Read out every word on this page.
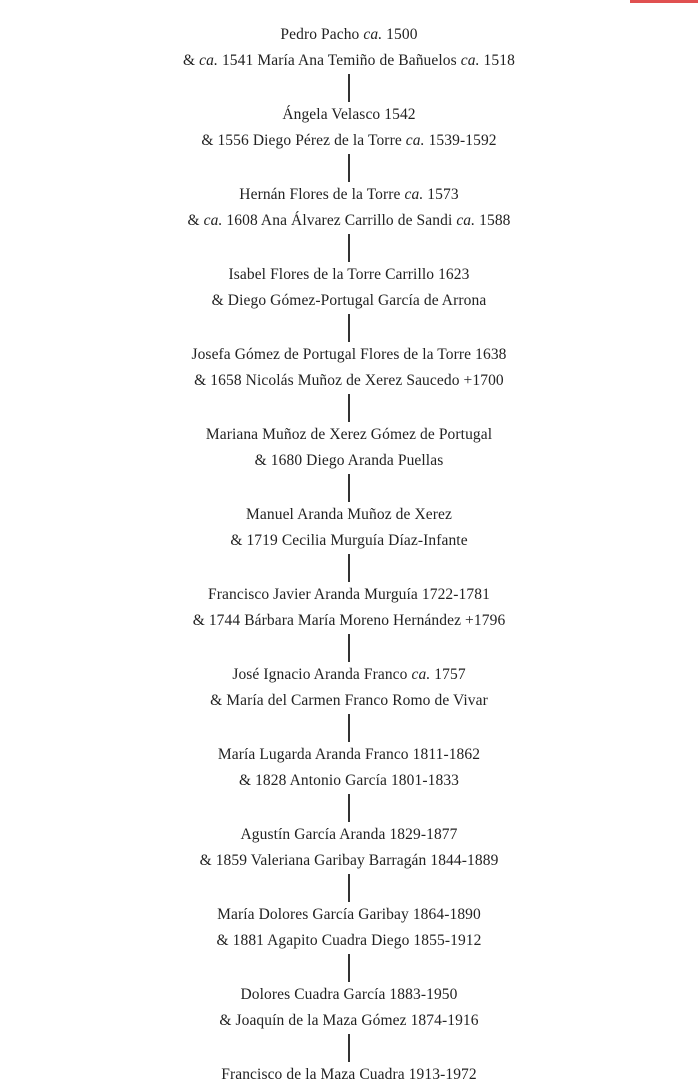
Pedro Pacho ca. 1500
& ca. 1541 María Ana Temiño de Bañuelos ca. 1518
Ángela Velasco 1542
& 1556 Diego Pérez de la Torre ca. 1539-1592
Hernán Flores de la Torre ca. 1573
& ca. 1608 Ana Álvarez Carrillo de Sandi ca. 1588
Isabel Flores de la Torre Carrillo 1623
& Diego Gómez-Portugal García de Arrona
Josefa Gómez de Portugal Flores de la Torre 1638
& 1658 Nicolás Muñoz de Xerez Saucedo +1700
Mariana Muñoz de Xerez Gómez de Portugal
& 1680 Diego Aranda Puellas
Manuel Aranda Muñoz de Xerez
& 1719 Cecilia Murguía Díaz-Infante
Francisco Javier Aranda Murguía 1722-1781
& 1744 Bárbara María Moreno Hernández +1796
José Ignacio Aranda Franco ca. 1757
& María del Carmen Franco Romo de Vivar
María Lugarda Aranda Franco 1811-1862
& 1828 Antonio García 1801-1833
Agustín García Aranda 1829-1877
& 1859 Valeriana Garibay Barragán 1844-1889
María Dolores García Garibay 1864-1890
& 1881 Agapito Cuadra Diego 1855-1912
Dolores Cuadra García 1883-1950
& Joaquín de la Maza Gómez 1874-1916
Francisco de la Maza Cuadra 1913-1972
